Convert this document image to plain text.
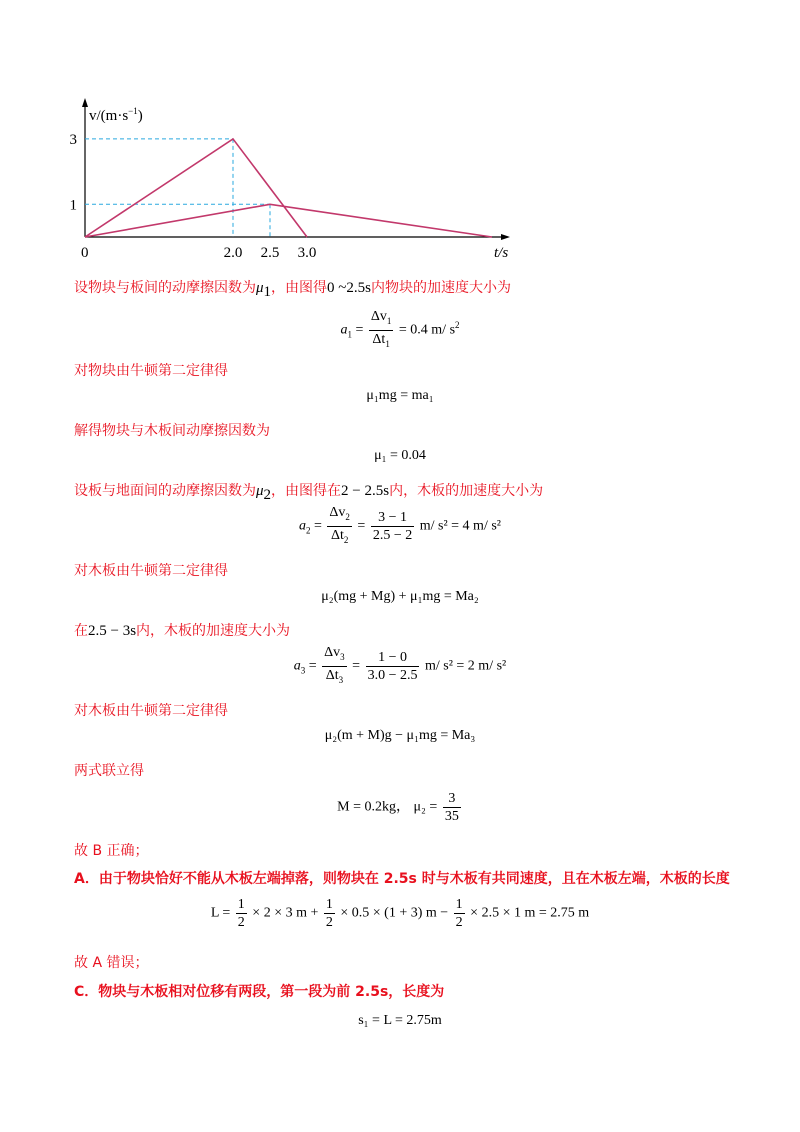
0	2.0 2.5 3.0
1
3
$v/(m\cdot s^{-1})$
t/s
设物块与板间的动摩擦因数为$\mu_1$，由图得0 ~2.5s内物块的加速度大小为
$a_1 = \frac{\Delta v_1}{\Delta t_1} = 0.4$ m/ $s^2$
对物块由牛顿第二定律得
μ₁mg = ma₁
解得物块与木板间动摩擦因数为
μ₁ = 0.04
设板与地面间的动摩擦因数为$\mu_2$，由图得在2 − 2.5s内，木板的加速度大小为
$a_2 = \frac{\Delta v_2}{\Delta t_2} = \frac{3 - 1}{2.5 - 2} m/$ s² = 4 m/ s²
对木板由牛顿第二定律得
μ₂(mg + Mg) + μ₁mg = Ma₂
在2.5 − 3s内，木板的加速度大小为
$a_3 = \frac{\Delta v_3}{\Delta t_3} = \frac{1 - 0}{3.0 - 2.5} m/$ s² = 2 m/ s²
对木板由牛顿第二定律得
μ₂(m + M)g − μ₁mg = Ma₃
两式联立得
M = 0.2kg， $\mu_2 = \frac{3}{35}$
故 B 正确；
A．由于物块恰好不能从木板左端掉落，则物块在 2.5s 时与木板有共同速度，且在木板左端，木板的长度
$L = \frac{1}{2} \times 2 \times 3$ $m + \frac{1}{2} \times 0.5 \times (1 + 3) m - \frac{1}{2} \times 2.5 \times 1$ m = 2.75 m
故 A 错误；
C．物块与木板相对位移有两段，第一段为前 2.5s，长度为
s₁ = L = 2.75m
